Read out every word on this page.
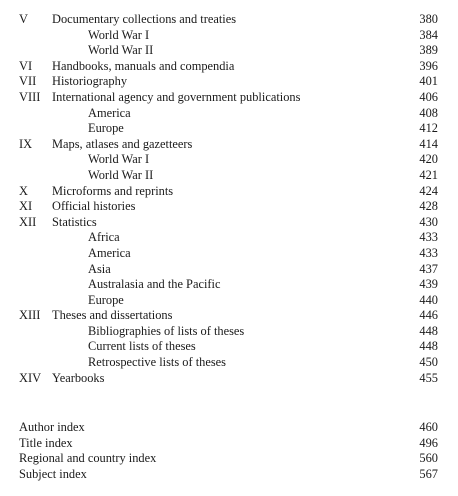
V Documentary collections and treaties	380
World War I	384
World War II	389
VI Handbooks, manuals and compendia	396
VII Historiography	401
VIII International agency and government publications	406
America	408
Europe	412
IX Maps, atlases and gazetteers	414
World War I	420
World War II	421
X Microforms and reprints	424
XI Official histories	428
XII Statistics	430
Africa	433
America	433
Asia	437
Australasia and the Pacific	439
Europe	440
XIII Theses and dissertations	446
Bibliographies of lists of theses	448
Current lists of theses	448
Retrospective lists of theses	450
XIV Yearbooks	455
Author index	460
Title index	496
Regional and country index	560
Subject index	567
